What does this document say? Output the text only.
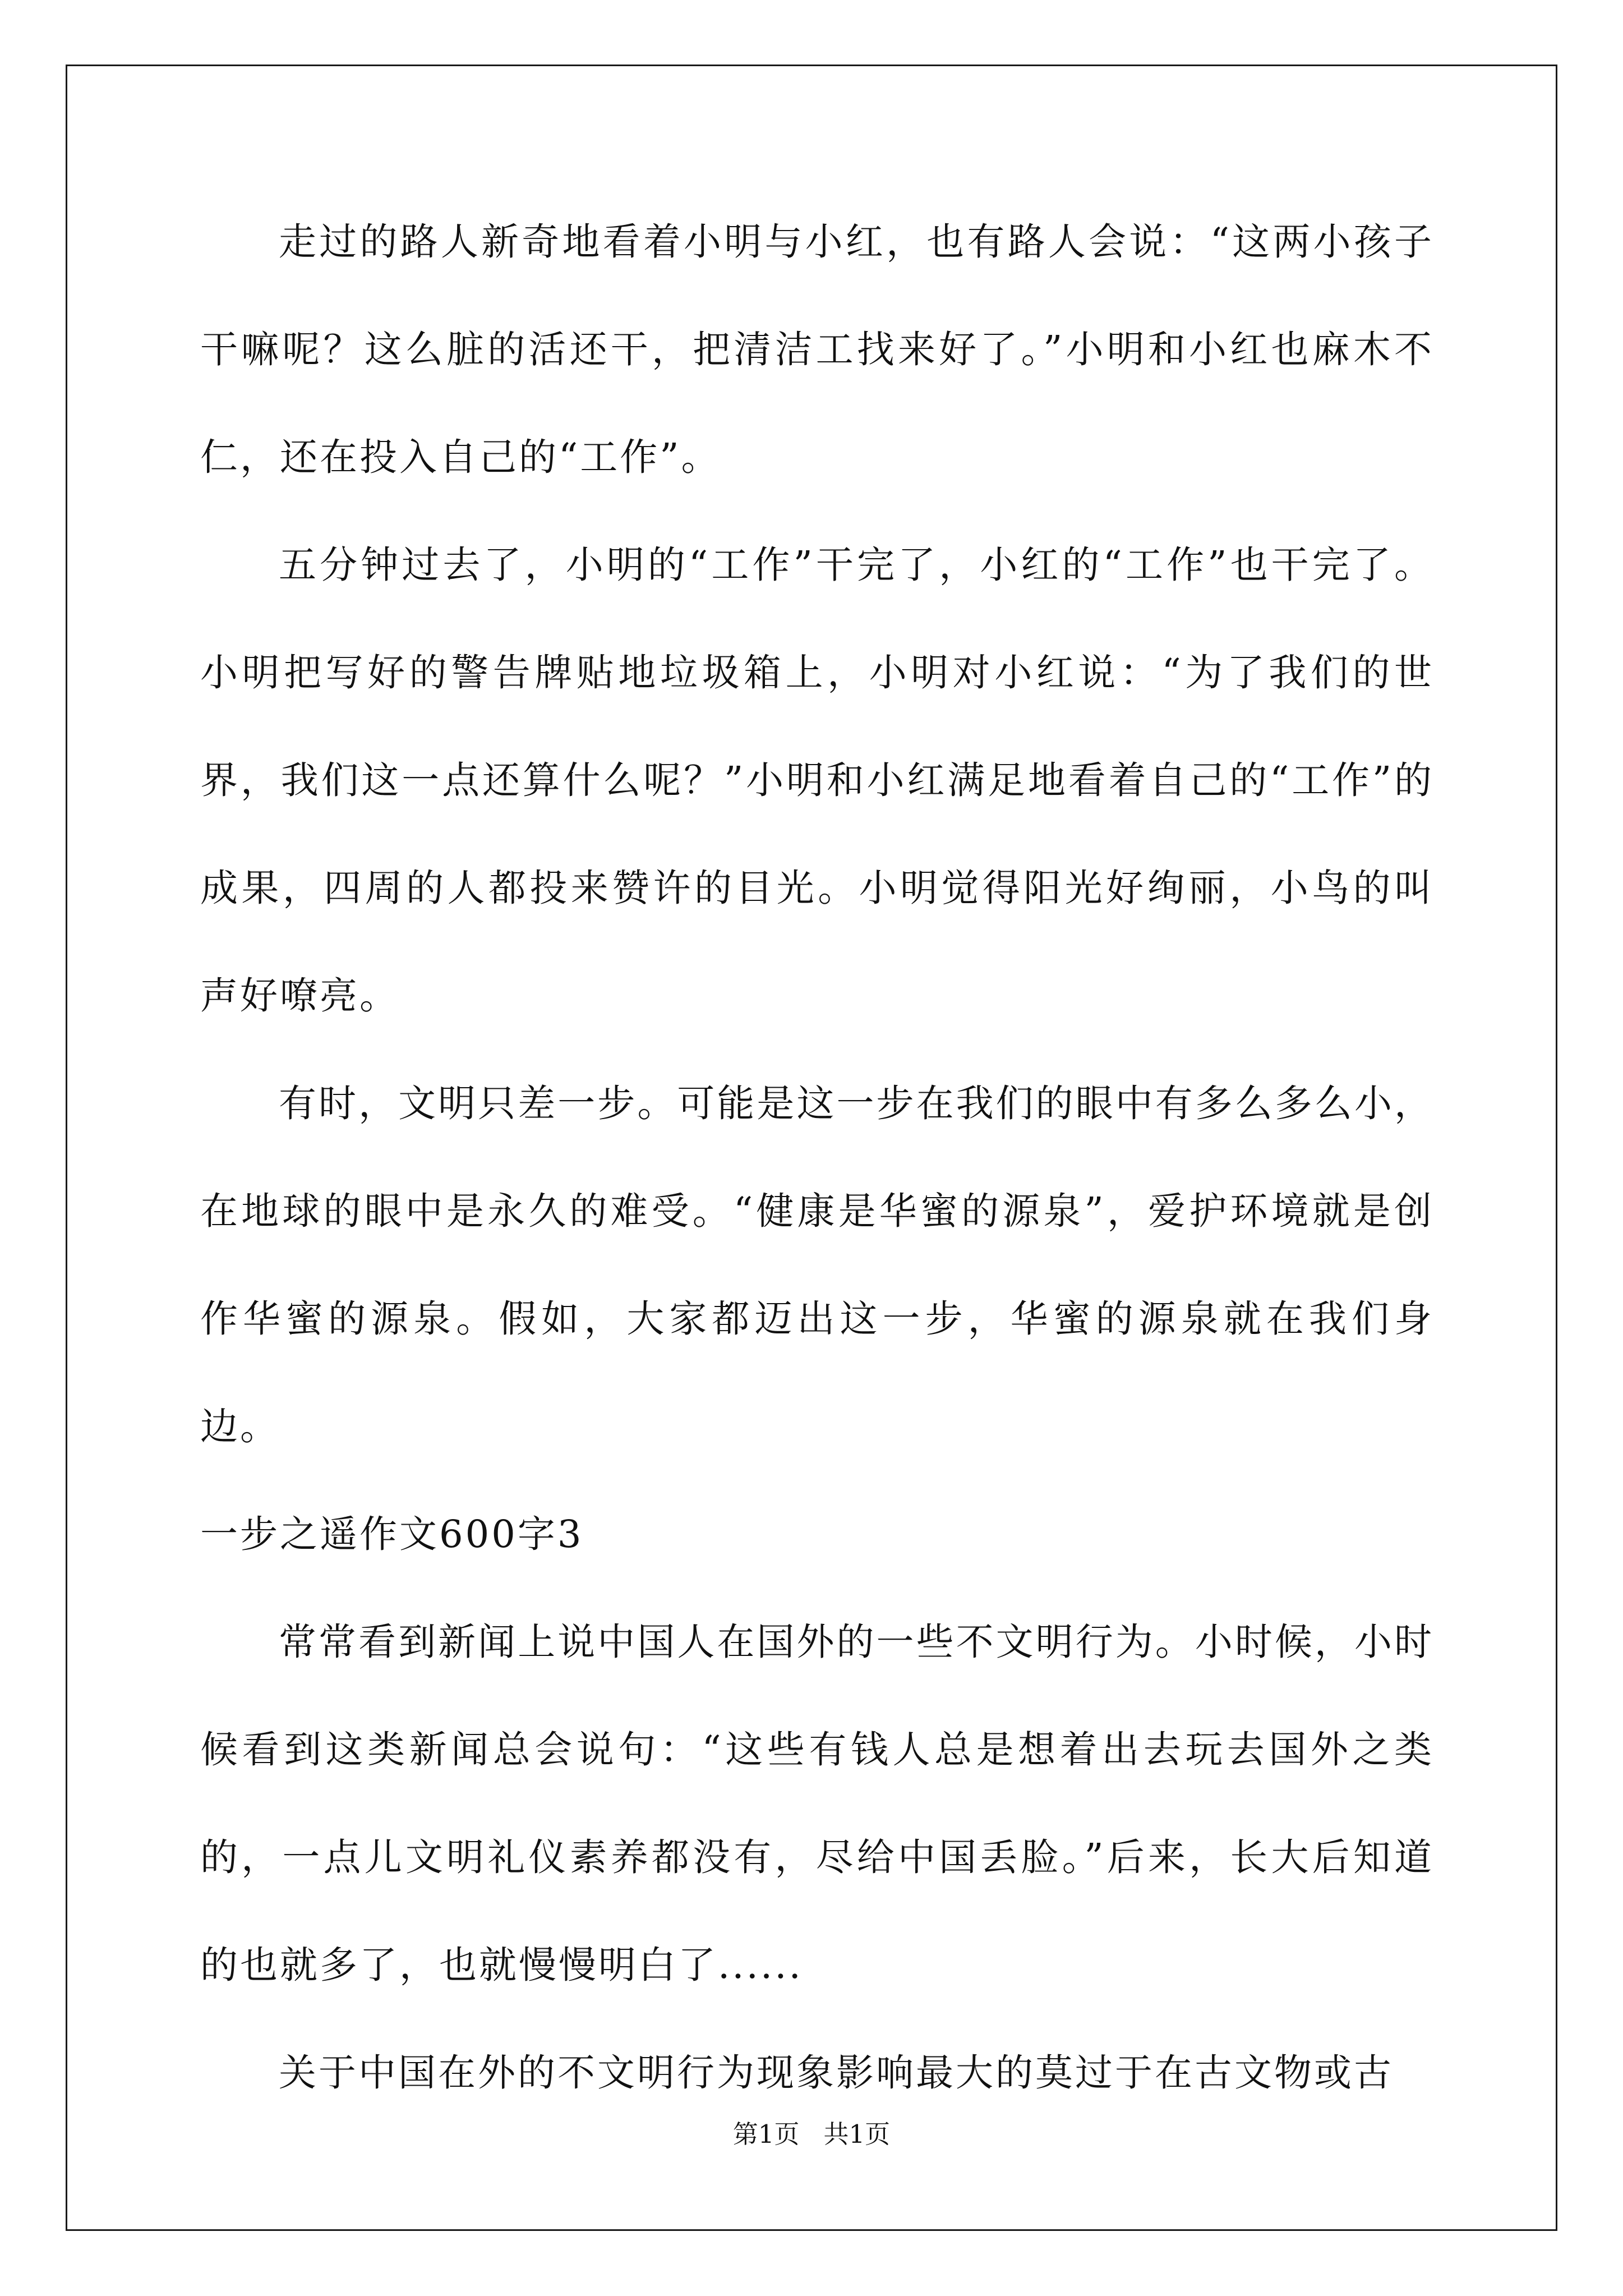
走过的路人新奇地看着小明与小红，也有路人会说：“这两小孩子干嘛呢？这么脏的活还干，把清洁工找来好了。”小明和小红也麻木不仁，还在投入自己的“工作”。

五分钟过去了，小明的“工作”干完了，小红的“工作”也干完了。小明把写好的警告牌贴地垃圾箱上，小明对小红说：“为了我们的世界，我们这一点还算什么呢？”小明和小红满足地看着自己的“工作”的成果，四周的人都投来赞许的目光。小明觉得阳光好绚丽，小鸟的叫声好嘹亮。

有时，文明只差一步。可能是这一步在我们的眼中有多么多么小，在地球的眼中是永久的难受。“健康是华蜜的源泉”，爱护环境就是创作华蜜的源泉。假如，大家都迈出这一步，华蜜的源泉就在我们身边。

一步之遥作文600字3

常常看到新闻上说中国人在国外的一些不文明行为。小时候，小时候看到这类新闻总会说句：“这些有钱人总是想着出去玩去国外之类的，一点儿文明礼仪素养都没有，尽给中国丢脸。”后来，长大后知道的也就多了，也就慢慢明白了......

关于中国在外的不文明行为现象影响最大的莫过于在古文物或古

第1页 共1页
